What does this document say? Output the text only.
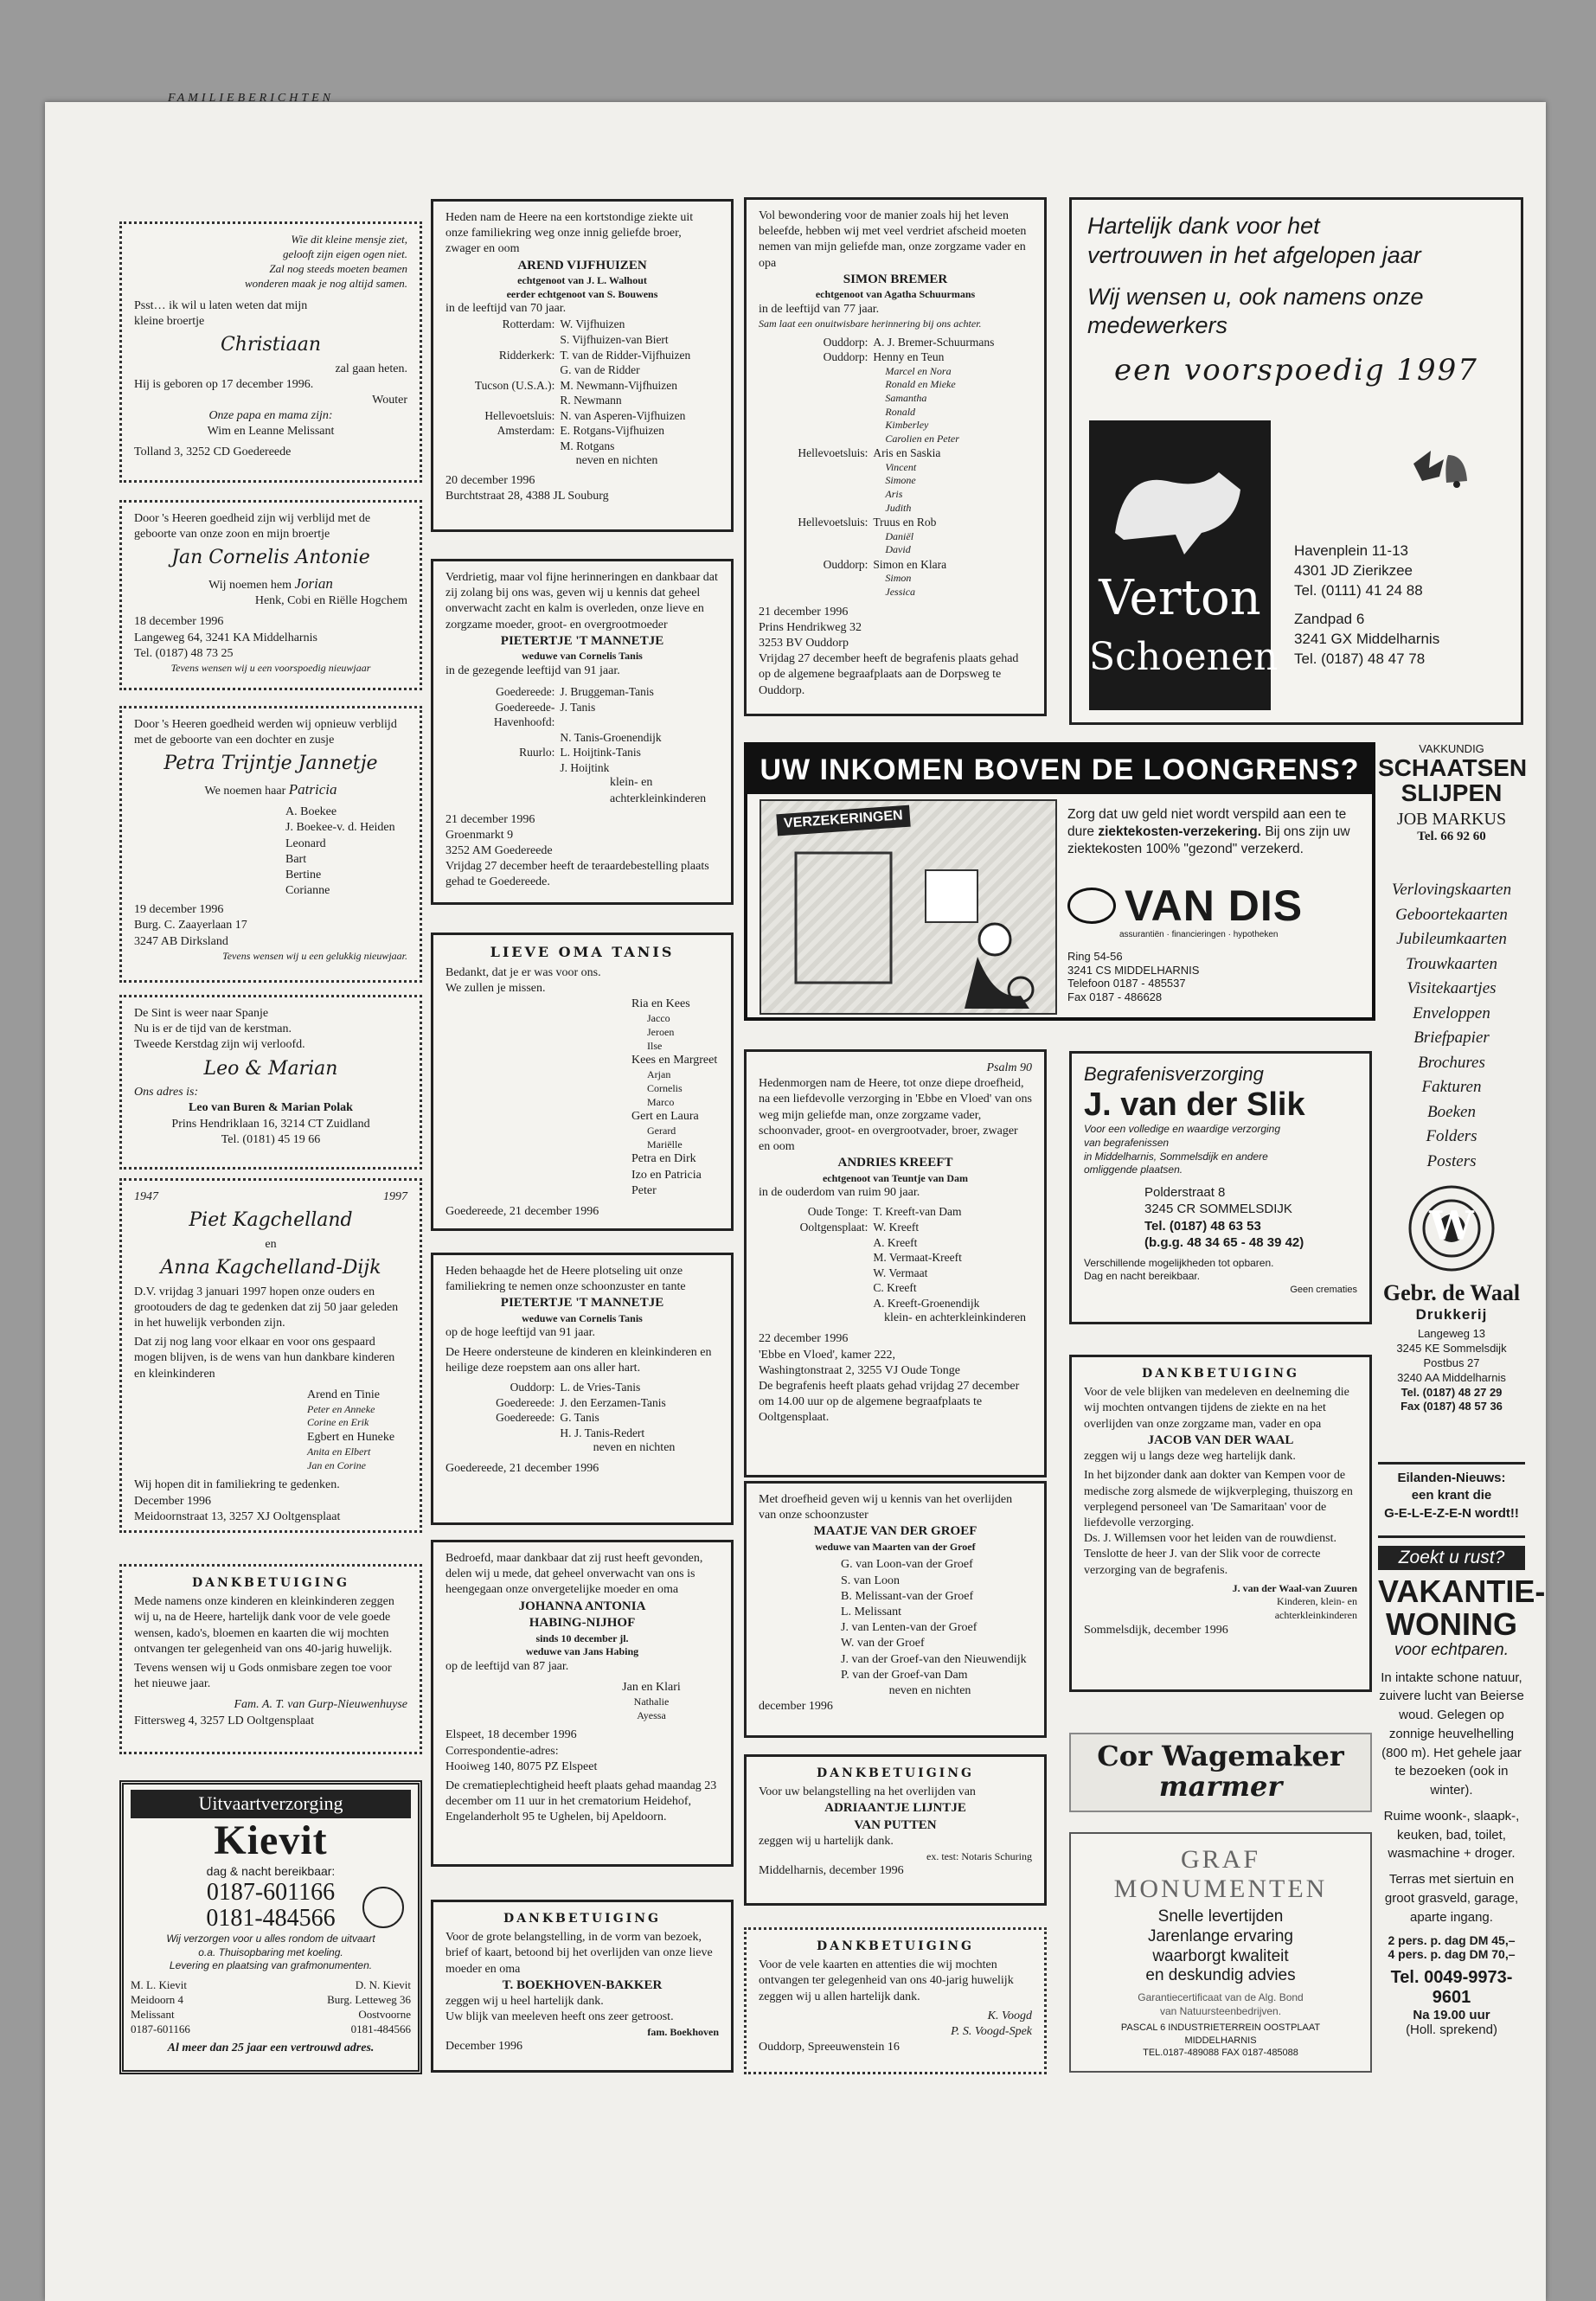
FAMILIEBERICHTEN
Wie dit kleine mensje ziet,
gelooft zijn eigen ogen niet.
Zal nog steeds moeten beamen
wonderen maak je nog altijd samen.
Psst… ik wil u laten weten dat mijn kleine broertje
Christiaan
zal gaan heten.
Hij is geboren op 17 december 1996.
Wouter
Onze papa en mama zijn:
Wim en Leanne Melissant
Tolland 3, 3252 CD Goedereede
Door 's Heeren goedheid zijn wij verblijd met de geboorte van onze zoon en mijn broertje
Jan Cornelis Antonie
Wij noemen hem Jorian
Henk, Cobi en Riëlle Hogchem
18 december 1996
Langeweg 64, 3241 KA Middelharnis
Tel. (0187) 48 73 25
Tevens wensen wij u een voorspoedig nieuwjaar
Door 's Heeren goedheid werden wij opnieuw verblijd met de geboorte van een dochter en zusje
Petra Trijntje Jannetje
We noemen haar Patricia
A. Boekee
J. Boekee-v. d. Heiden
Leonard
Bart
Bertine
Corianne
19 december 1996
Burg. C. Zaayerlaan 17
3247 AB Dirksland
Tevens wensen wij u een gelukkig nieuwjaar.
De Sint is weer naar Spanje
Nu is er de tijd van de kerstman.
Tweede Kerstdag zijn wij verloofd.
Leo & Marian
Ons adres is:
Leo van Buren & Marian Polak
Prins Hendriklaan 16, 3214 CT Zuidland
Tel. (0181) 45 19 66
1947	1997
Piet Kagchelland
en
Anna Kagchelland-Dijk
D.V. vrijdag 3 januari 1997 hopen onze ouders en grootouders de dag te gedenken dat zij 50 jaar geleden in het huwelijk verbonden zijn.
Dat zij nog lang voor elkaar en voor ons gespaard mogen blijven, is de wens van hun dankbare kinderen en kleinkinderen
Arend en Tinie
Peter en Anneke
Corine en Erik
Egbert en Huneke
Anita en Elbert
Jan en Corine
Wij hopen dit in familiekring te gedenken.
December 1996
Meidoornstraat 13, 3257 XJ Ooltgensplaat
DANKBETUIGING
Mede namens onze kinderen en kleinkinderen zeggen wij u, na de Heere, hartelijk dank voor de vele goede wensen, kado's, bloemen en kaarten die wij mochten ontvangen ter gelegenheid van ons 40-jarig huwelijk.
Tevens wensen wij u Gods onmisbare zegen toe voor het nieuwe jaar.
Fam. A. T. van Gurp-Nieuwenhuyse
Fittersweg 4, 3257 LD Ooltgensplaat
Uitvaartverzorging
Kievit
dag & nacht bereikbaar:
0187-601166
0181-484566
Wij verzorgen voor u alles rondom de uitvaart
o.a. Thuisopbaring met koeling.
Levering en plaatsing van grafmonumenten.
M. L. Kievit
Meidoorn 4
Melissant
0187-601166
D. N. Kievit
Burg. Letteweg 36
Oostvoorne
0181-484566
Al meer dan 25 jaar een vertrouwd adres.
Heden nam de Heere na een kortstondige ziekte uit onze familiekring weg onze innig geliefde broer, zwager en oom
AREND VIJFHUIZEN
echtgenoot van J. L. Walhout
eerder echtgenoot van S. Bouwens
in de leeftijd van 70 jaar.
Rotterdam: W. Vijfhuizen
S. Vijfhuizen-van Biert
Ridderkerk: T. van de Ridder-Vijfhuizen
G. van de Ridder
Tucson (U.S.A.): M. Newmann-Vijfhuizen
R. Newmann
Hellevoetsluis: N. van Asperen-Vijfhuizen
Amsterdam: E. Rotgans-Vijfhuizen
M. Rotgans
neven en nichten
20 december 1996
Burchtstraat 28, 4388 JL Souburg
Verdrietig, maar vol fijne herinneringen en dankbaar dat zij zolang bij ons was, geven wij u kennis dat geheel onverwacht zacht en kalm is overleden, onze lieve en zorgzame moeder, groot- en overgrootmoeder
PIETERTJE 'T MANNETJE
weduwe van Cornelis Tanis
in de gezegende leeftijd van 91 jaar.
Goedereede: J. Bruggeman-Tanis
Goedereede-Havenhoofd:
J. Tanis
N. Tanis-Groenendijk
Ruurlo: L. Hoijtink-Tanis
J. Hoijtink
klein- en achterkleinkinderen
21 december 1996
Groenmarkt 9
3252 AM Goedereede
Vrijdag 27 december heeft de teraardebestelling plaats gehad te Goedereede.
LIEVE OMA TANIS
Bedankt, dat je er was voor ons.
We zullen je missen.
Ria en Kees
Jacco
Jeroen
Ilse
Kees en Margreet
Arjan
Cornelis
Marco
Gert en Laura
Gerard
Mariëlle
Petra en Dirk
Izo en Patricia
Peter
Goedereede, 21 december 1996
Heden behaagde het de Heere plotseling uit onze familiekring te nemen onze schoonzuster en tante
PIETERTJE 'T MANNETJE
weduwe van Cornelis Tanis
op de hoge leeftijd van 91 jaar.
De Heere ondersteune de kinderen en kleinkinderen en heilige deze roepstem aan ons aller hart.
Ouddorp: L. de Vries-Tanis
Goedereede: J. den Eerzamen-Tanis
Goedereede: G. Tanis
H. J. Tanis-Redert
neven en nichten
Goedereede, 21 december 1996
Bedroefd, maar dankbaar dat zij rust heeft gevonden, delen wij u mede, dat geheel onverwacht van ons is heengegaan onze onvergetelijke moeder en oma
JOHANNA ANTONIA
HABING-NIJHOF
sinds 10 december jl.
weduwe van Jans Habing
op de leeftijd van 87 jaar.
Jan en Klari
Nathalie
Ayessa
Elspeet, 18 december 1996
Correspondentie-adres:
Hooiweg 140, 8075 PZ Elspeet
De crematieplechtigheid heeft plaats gehad maandag 23 december om 11 uur in het crematorium Heidehof, Engelanderholt 95 te Ughelen, bij Apeldoorn.
DANKBETUIGING
Voor de grote belangstelling, in de vorm van bezoek, brief of kaart, betoond bij het overlijden van onze lieve moeder en oma
T. BOEKHOVEN-BAKKER
zeggen wij u heel hartelijk dank.
Uw blijk van meeleven heeft ons zeer getroost.
fam. Boekhoven
December 1996
Vol bewondering voor de manier zoals hij het leven beleefde, hebben wij met veel verdriet afscheid moeten nemen van mijn geliefde man, onze zorgzame vader en opa
SIMON BREMER
echtgenoot van Agatha Schuurmans
in de leeftijd van 77 jaar.
Sam laat een onuitwisbare herinnering bij ons achter.
Ouddorp: A. J. Bremer-Schuurmans
Ouddorp: Henny en Teun
Marcel en Nora
Ronald en Mieke
Samantha
Ronald
Kimberley
Carolien en Peter
Hellevoetsluis: Aris en Saskia
Vincent
Simone
Aris
Judith
Hellevoetsluis: Truus en Rob
Daniël
David
Ouddorp: Simon en Klara
Simon
Jessica
21 december 1996
Prins Hendrikweg 32
3253 BV Ouddorp
Vrijdag 27 december heeft de begrafenis plaats gehad op de algemene begraafplaats aan de Dorpsweg te Ouddorp.
UW INKOMEN BOVEN DE LOONGRENS?
VERZEKERINGEN	Zorg dat uw geld niet wordt verspild aan een te dure ziektekosten-verzekering. Bij ons zijn uw ziektekosten 100% "gezond" verzekerd.
VAN DIS
assurantiën · financieringen · hypotheken
Ring 54-56
3241 CS MIDDELHARNIS
Telefoon 0187 - 485537
Fax 0187 - 486628
Psalm 90
Hedenmorgen nam de Heere, tot onze diepe droefheid, na een liefdevolle verzorging in 'Ebbe en Vloed' van ons weg mijn geliefde man, onze zorgzame vader, schoonvader, groot- en overgrootvader, broer, zwager en oom
ANDRIES KREEFT
echtgenoot van Teuntje van Dam
in de ouderdom van ruim 90 jaar.
Oude Tonge: T. Kreeft-van Dam
Ooltgensplaat: W. Kreeft
A. Kreeft
M. Vermaat-Kreeft
W. Vermaat
C. Kreeft
A. Kreeft-Groenendijk
klein- en achterkleinkinderen
22 december 1996
'Ebbe en Vloed', kamer 222,
Washingtonstraat 2, 3255 VJ Oude Tonge
De begrafenis heeft plaats gehad vrijdag 27 december om 14.00 uur op de algemene begraafplaats te Ooltgensplaat.
Met droefheid geven wij u kennis van het overlijden van onze schoonzuster
MAATJE VAN DER GROEF
weduwe van Maarten van der Groef
G. van Loon-van der Groef
S. van Loon
B. Melissant-van der Groef
L. Melissant
J. van Lenten-van der Groef
W. van der Groef
J. van der Groef-van den Nieuwendijk
P. van der Groef-van Dam
neven en nichten
december 1996
DANKBETUIGING
Voor uw belangstelling na het overlijden van
ADRIAANTJE LIJNTJE
VAN PUTTEN
zeggen wij u hartelijk dank.
ex. test: Notaris Schuring
Middelharnis, december 1996
DANKBETUIGING
Voor de vele kaarten en attenties die wij mochten ontvangen ter gelegenheid van ons 40-jarig huwelijk zeggen wij u allen hartelijk dank.
K. Voogd
P. S. Voogd-Spek
Ouddorp, Spreeuwenstein 16
Hartelijk dank voor het
vertrouwen in het afgelopen jaar
Wij wensen u, ook namens onze
medewerkers
een voorspoedig 1997
Verton
Schoenen
Havenplein 11-13
4301 JD Zierikzee
Tel. (0111) 41 24 88
Zandpad 6
3241 GX Middelharnis
Tel. (0187) 48 47 78
Begrafenisverzorging
J. van der Slik
Voor een volledige en waardige verzorging
van begrafenissen
in Middelharnis, Sommelsdijk en andere
omliggende plaatsen.
Polderstraat 8
3245 CR SOMMELSDIJK
Tel. (0187) 48 63 53
(b.g.g. 48 34 65 - 48 39 42)
Verschillende mogelijkheden tot opbaren.
Dag en nacht bereikbaar.
Geen crematies
DANKBETUIGING
Voor de vele blijken van medeleven en deelneming die wij mochten ontvangen tijdens de ziekte en na het overlijden van onze zorgzame man, vader en opa
JACOB VAN DER WAAL
zeggen wij u langs deze weg hartelijk dank.
In het bijzonder dank aan dokter van Kempen voor de medische zorg alsmede de wijkverpleging, thuiszorg en verplegend personeel van 'De Samaritaan' voor de liefdevolle verzorging.
Ds. J. Willemsen voor het leiden van de rouwdienst.
Tenslotte de heer J. van der Slik voor de correcte verzorging van de begrafenis.
J. van der Waal-van Zuuren
Kinderen, klein- en
achterkleinkinderen
Sommelsdijk, december 1996
Cor Wagemaker
marmer
GRAF
MONUMENTEN
Snelle levertijden
Jarenlange ervaring
waarborgt kwaliteit
en deskundig advies
Garantiecertificaat van de Alg. Bond
van Natuursteenbedrijven.
PASCAL 6 INDUSTRIETERREIN OOSTPLAAT
MIDDELHARNIS
TEL.0187-489088 FAX 0187-485088
VAKKUNDIG
SCHAATSEN
SLIJPEN
JOB MARKUS
Tel. 66 92 60
Verlovingskaarten
Geboortekaarten
Jubileumkaarten
Trouwkaarten
Visitekaartjes
Enveloppen
Briefpapier
Brochures
Fakturen
Boeken
Folders
Posters
W
Gebr. de Waal
Drukkerij
Langeweg 13
3245 KE Sommelsdijk
Postbus 27
3240 AA Middelharnis
Tel. (0187) 48 27 29
Fax (0187) 48 57 36
Eilanden-Nieuws:
een krant die
G-E-L-E-Z-E-N wordt!!
Zoekt u rust?
VAKANTIE-
WONING
voor echtparen.
In intakte schone natuur, zuivere lucht van Beierse woud. Gelegen op zonnige heuvelhelling (800 m). Het gehele jaar te bezoeken (ook in winter).
Ruime woonk-, slaapk-, keuken, bad, toilet, wasmachine + droger.
Terras met siertuin en groot grasveld, garage, aparte ingang.
2 pers. p. dag DM 45,–
4 pers. p. dag DM 70,–
Tel. 0049-9973-9601
Na 19.00 uur
(Holl. sprekend)
